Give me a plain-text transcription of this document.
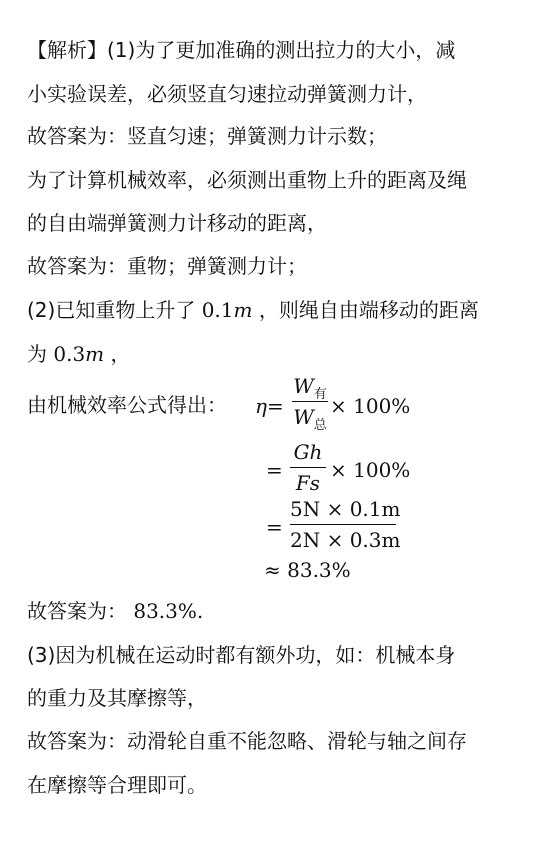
【解析】(1)为了更加准确的测出拉力的大小，减
小实验误差，必须竖直匀速拉动弹簧测力计，
故答案为：竖直匀速；弹簧测力计示数；
为了计算机械效率，必须测出重物上升的距离及绳
的自由端弹簧测力计移动的距离，
故答案为：重物；弹簧测力计；
(2)已知重物上升了 0.1m ，则绳自由端移动的距离
为 0.3m ，
由机械效率公式得出： η=
$W_有$
$W_总$
× 100%
=
Gh
Fs
× 100%
=
5N × 0.1m
2N × 0.3m
≈ 83.3%
故答案为： 83.3%.
(3)因为机械在运动时都有额外功，如：机械本身
的重力及其摩擦等，
故答案为：动滑轮自重不能忽略、滑轮与轴之间存
在摩擦等合理即可。
